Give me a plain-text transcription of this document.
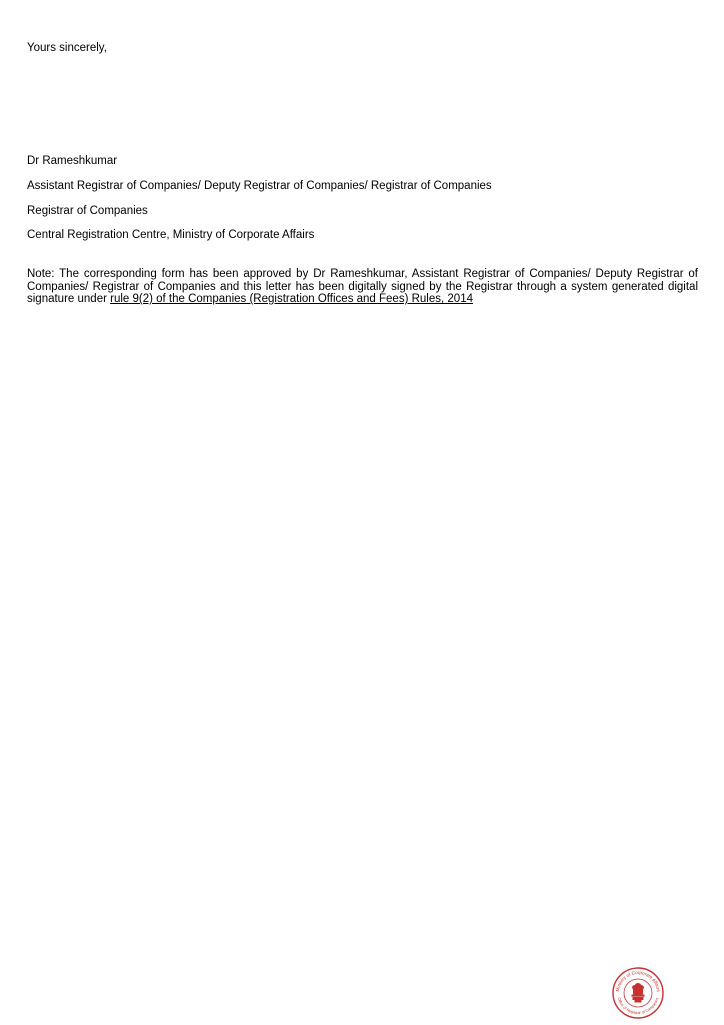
Yours sincerely,
Dr Rameshkumar
Assistant Registrar of Companies/ Deputy Registrar of Companies/ Registrar of Companies
Registrar of Companies
Central Registration Centre, Ministry of Corporate Affairs
Note: The corresponding form has been approved by Dr Rameshkumar, Assistant Registrar of Companies/ Deputy Registrar of Companies/ Registrar of Companies and this letter has been digitally signed by the Registrar through a system generated digital signature under rule 9(2) of the Companies (Registration Offices and Fees) Rules, 2014
Ministry of Corporate Affairs
Office of Registrar of Companies
